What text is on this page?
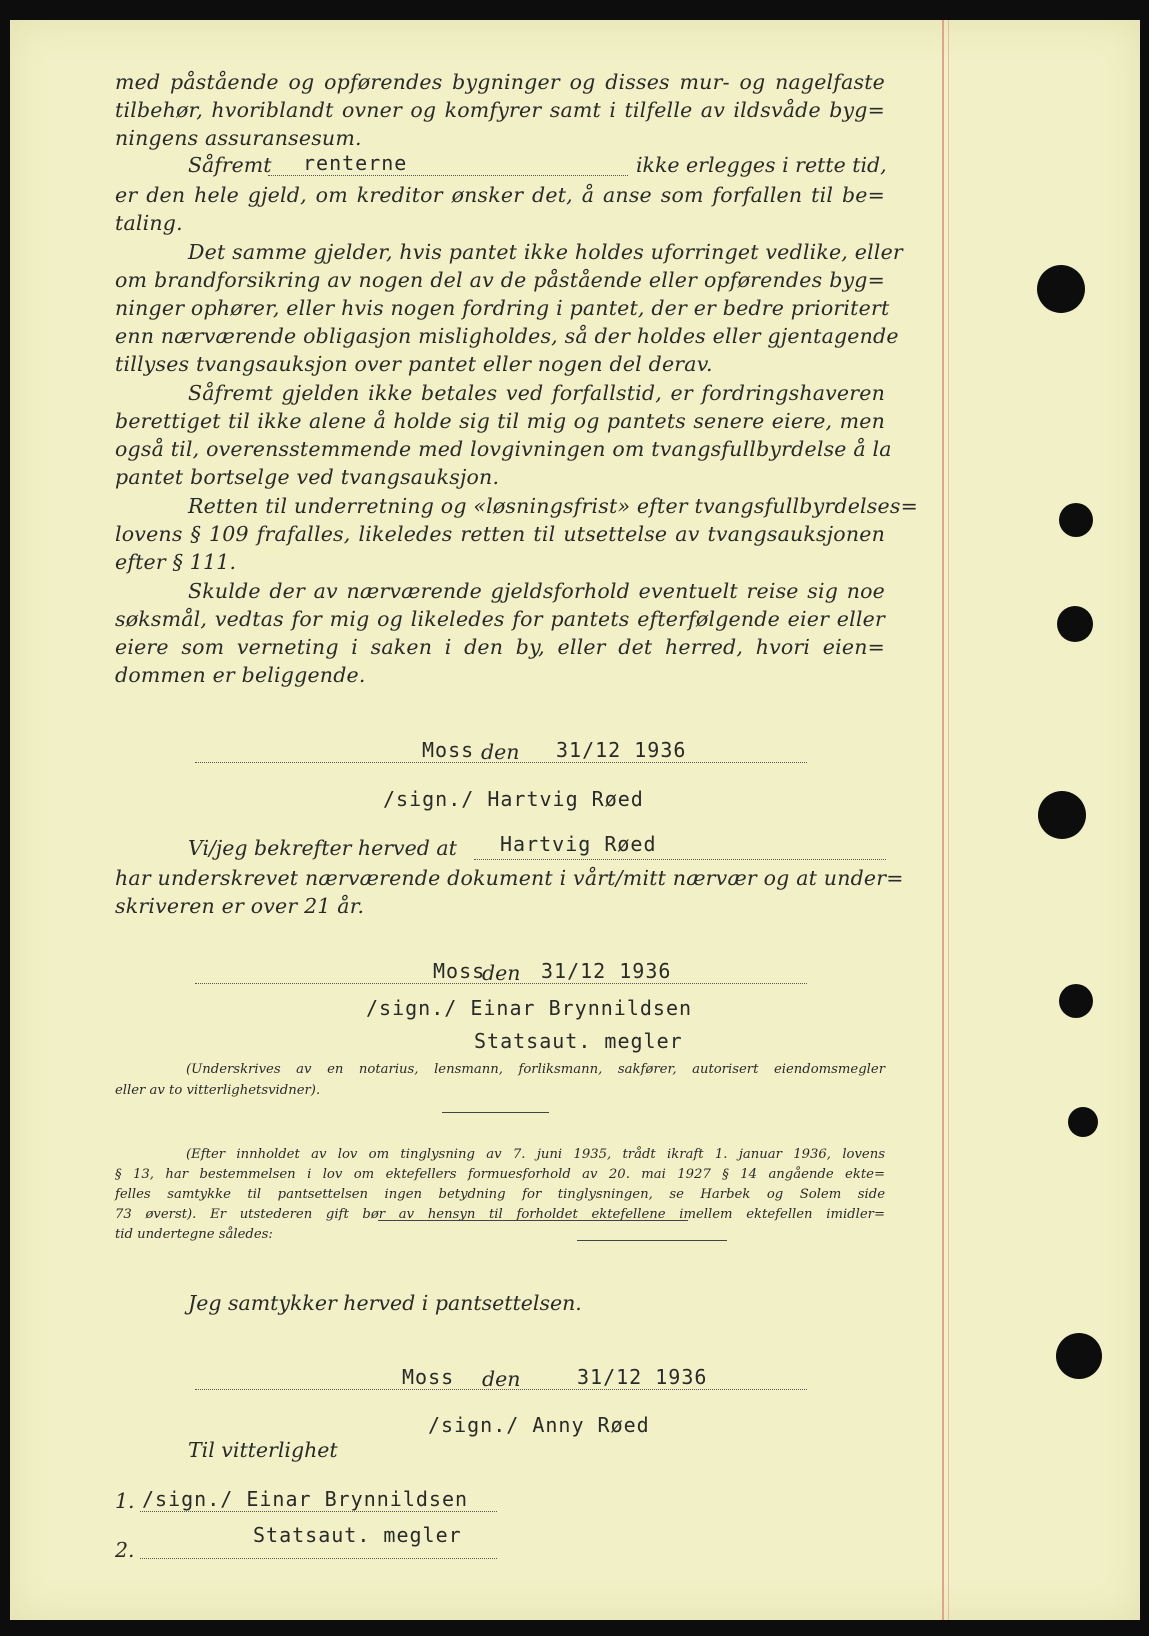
med påstående og opførendes bygninger og disses mur- og nagelfaste
tilbehør, hvoriblandt ovner og komfyrer samt i tilfelle av ildsvåde byg=
ningens assuransesum.
Såfremt renterne	ikke erlegges i rette tid,
er den hele gjeld, om kreditor ønsker det, å anse som forfallen til be=
taling.
Det samme gjelder, hvis pantet ikke holdes uforringet vedlike, eller
om brandforsikring av nogen del av de påstående eller opførendes byg=
ninger ophører, eller hvis nogen fordring i pantet, der er bedre prioritert
enn nærværende obligasjon misligholdes, så der holdes eller gjentagende
tillyses tvangsauksjon over pantet eller nogen del derav.
Såfremt gjelden ikke betales ved forfallstid, er fordringshaveren
berettiget til ikke alene å holde sig til mig og pantets senere eiere, men
også til, overensstemmende med lovgivningen om tvangsfullbyrdelse å la
pantet bortselge ved tvangsauksjon.
Retten til underretning og «løsningsfrist» efter tvangsfullbyrdelses=
lovens § 109 frafalles, likeledes retten til utsettelse av tvangsauksjonen
efter § 111.
Skulde der av nærværende gjeldsforhold eventuelt reise sig noe
søksmål, vedtas for mig og likeledes for pantets efterfølgende eier eller
eiere som verneting i saken i den by, eller det herred, hvori eien=
dommen er beliggende.
Moss den 31/12 1936
/sign./ Hartvig Røed
Vi/jeg bekrefter herved at Hartvig Røed
har underskrevet nærværende dokument i vårt/mitt nærvær og at under=
skriveren er over 21 år.
Moss
den 31/12 1936
/sign./ Einar Brynnildsen
Statsaut. megler
(Underskrives av en notarius, lensmann, forliksmann, sakfører, autorisert eiendomsmegler
eller av to vitterlighetsvidner).
(Efter innholdet av lov om tinglysning av 7. juni 1935, trådt ikraft 1. januar 1936, lovens
§ 13, har bestemmelsen i lov om ektefellers formuesforhold av 20. mai 1927 § 14 angående ekte=
felles samtykke til pantsettelsen ingen betydning for tinglysningen, se Harbek og Solem side
73 øverst). Er utstederen gift bør av hensyn til forholdet ektefellene imellem ektefellen imidler=
tid undertegne således:
Jeg samtykker herved i pantsettelsen.
Moss den	31/12 1936
/sign./ Anny Røed
Til vitterlighet
1. /sign./ Einar Brynnildsen
2.
Statsaut. megler
